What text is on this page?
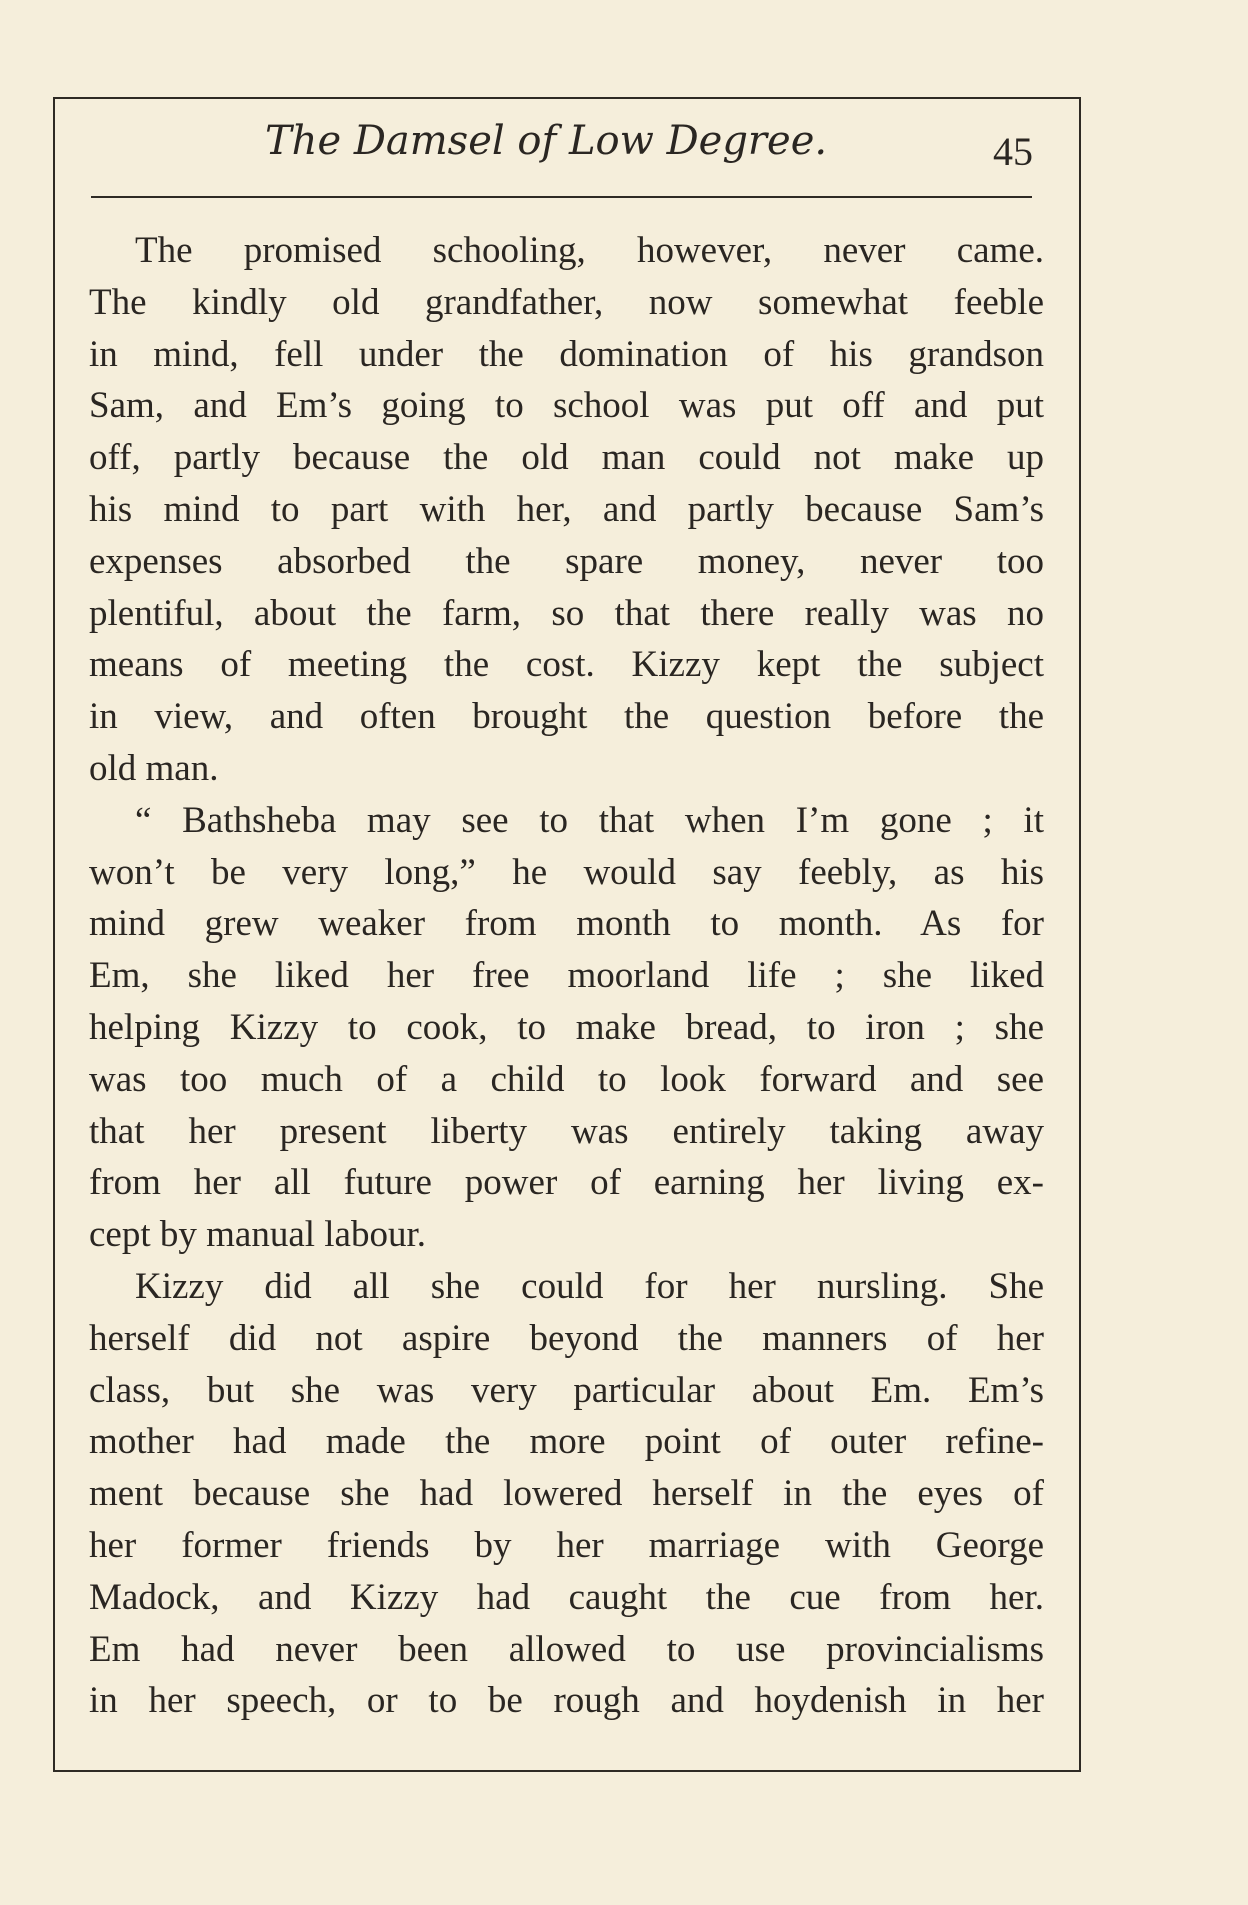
The Damsel of Low Degree.	45
The promised schooling, however, never came.
The kindly old grandfather, now somewhat feeble
in mind, fell under the domination of his grandson
Sam, and Em’s going to school was put off and put
off, partly because the old man could not make up
his mind to part with her, and partly because Sam’s
expenses absorbed the spare money, never too
plentiful, about the farm, so that there really was no
means of meeting the cost. Kizzy kept the subject
in view, and often brought the question before the
old man.
“ Bathsheba may see to that when I’m gone ; it
won’t be very long,” he would say feebly, as his
mind grew weaker from month to month. As for
Em, she liked her free moorland life ; she liked
helping Kizzy to cook, to make bread, to iron ; she
was too much of a child to look forward and see
that her present liberty was entirely taking away
from her all future power of earning her living ex-
cept by manual labour.
Kizzy did all she could for her nursling. She
herself did not aspire beyond the manners of her
class, but she was very particular about Em. Em’s
mother had made the more point of outer refine-
ment because she had lowered herself in the eyes of
her former friends by her marriage with George
Madock, and Kizzy had caught the cue from her.
Em had never been allowed to use provincialisms
in her speech, or to be rough and hoydenish in her
